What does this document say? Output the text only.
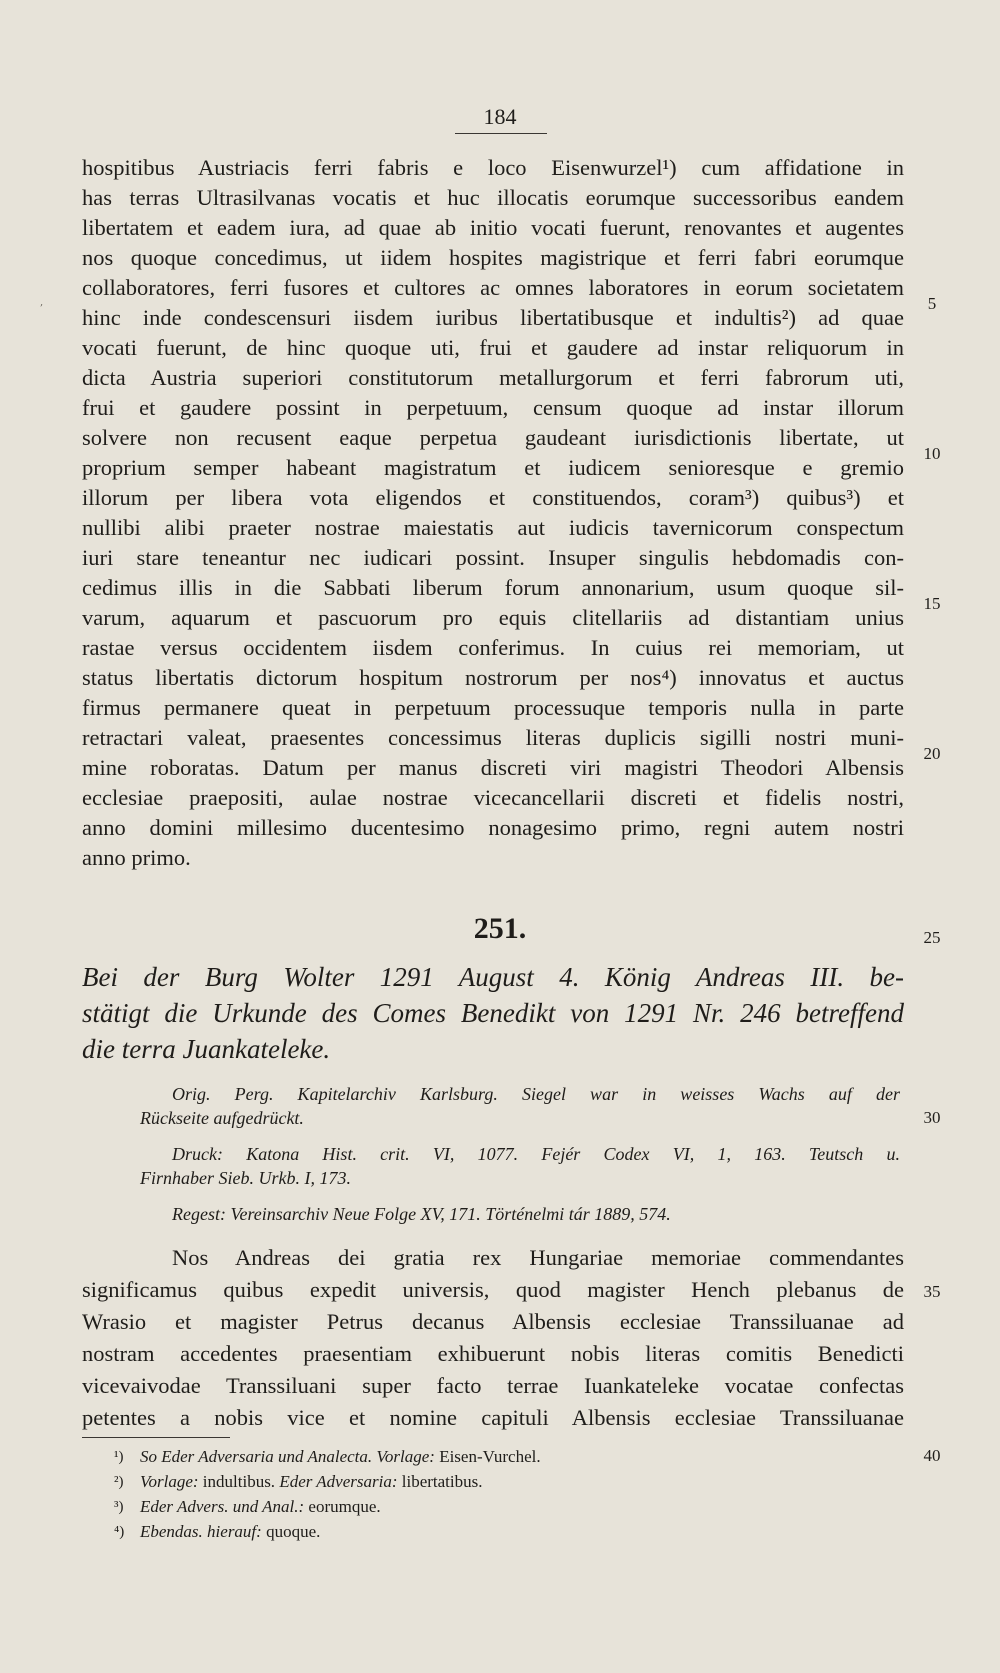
184
,
hospitibus Austriacis ferri fabris e loco Eisenwurzel¹) cum affidatione in
has terras Ultrasilvanas vocatis et huc illocatis eorumque successoribus eandem
libertatem et eadem iura, ad quae ab initio vocati fuerunt, renovantes et augentes
nos quoque concedimus, ut iidem hospites magistrique et ferri fabri eorumque
collaboratores, ferri fusores et cultores ac omnes laboratores in eorum societatem
hinc inde condescensuri iisdem iuribus libertatibusque et indultis²) ad quae
vocati fuerunt, de hinc quoque uti, frui et gaudere ad instar reliquorum in
dicta Austria superiori constitutorum metallurgorum et ferri fabrorum uti,
frui et gaudere possint in perpetuum, censum quoque ad instar illorum
solvere non recusent eaque perpetua gaudeant iurisdictionis libertate, ut
proprium semper habeant magistratum et iudicem senioresque e gremio
illorum per libera vota eligendos et constituendos, coram³) quibus³) et
nullibi alibi praeter nostrae maiestatis aut iudicis tavernicorum conspectum
iuri stare teneantur nec iudicari possint. Insuper singulis hebdomadis con-
cedimus illis in die Sabbati liberum forum annonarium, usum quoque sil-
varum, aquarum et pascuorum pro equis clitellariis ad distantiam unius
rastae versus occidentem iisdem conferimus. In cuius rei memoriam, ut
status libertatis dictorum hospitum nostrorum per nos⁴) innovatus et auctus
firmus permanere queat in perpetuum processuque temporis nulla in parte
retractari valeat, praesentes concessimus literas duplicis sigilli nostri muni-
mine roboratas. Datum per manus discreti viri magistri Theodori Albensis
ecclesiae praepositi, aulae nostrae vicecancellarii discreti et fidelis nostri,
anno domini millesimo ducentesimo nonagesimo primo, regni autem nostri
anno primo.
5
10
15
20
25
30
35
40
251.
Bei der Burg Wolter 1291 August 4. König Andreas III. be-
stätigt die Urkunde des Comes Benedikt von 1291 Nr. 246 betreffend
die terra Juankateleke.
Orig. Perg. Kapitelarchiv Karlsburg. Siegel war in weisses Wachs auf der
Rückseite aufgedrückt.
Druck: Katona Hist. crit. VI, 1077. Fejér Codex VI, 1, 163. Teutsch u.
Firnhaber Sieb. Urkb. I, 173.
Regest: Vereinsarchiv Neue Folge XV, 171. Történelmi tár 1889, 574.
Nos Andreas dei gratia rex Hungariae memoriae commendantes
significamus quibus expedit universis, quod magister Hench plebanus de
Wrasio et magister Petrus decanus Albensis ecclesiae Transsiluanae ad
nostram accedentes praesentiam exhibuerunt nobis literas comitis Benedicti
vicevaivodae Transsiluani super facto terrae Iuankateleke vocatae confectas
petentes a nobis vice et nomine capituli Albensis ecclesiae Transsiluanae
¹) So Eder Adversaria und Analecta. Vorlage: Eisen-Vurchel.
²) Vorlage: indultibus. Eder Adversaria: libertatibus.
³) Eder Advers. und Anal.: eorumque.
⁴) Ebendas. hierauf: quoque.
